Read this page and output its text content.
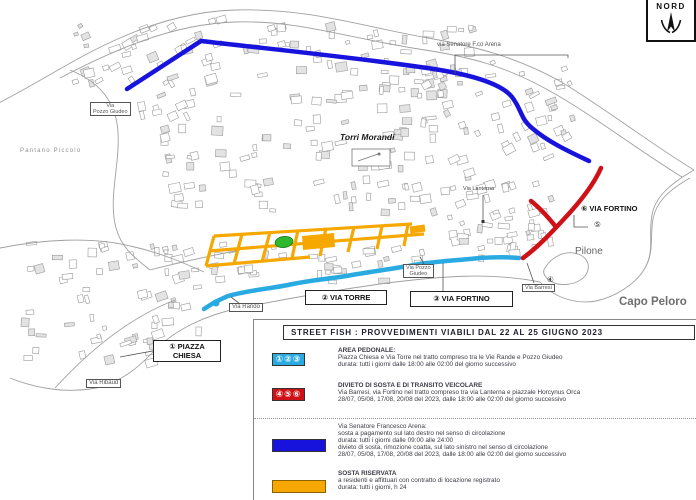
Pantano Piccolo
Via
Pozzo Giudeo
via Senatore F.co Arena
Torri Morandi
Via Lanterna
⑥ VIA FORTINO
⑤
Pilone
Capo Peloro
Via Pozzo
Giudeo
④
Via Barresi
② VIA TORRE	③ VIA FORTINO
① PIAZZA
CHIESA
Via Ribaud
Via Rando
NORD
STREET FISH : PROVVEDIMENTI VIABILI DAL 22 AL 25 GIUGNO 2023
①②③
AREA PEDONALE:
Piazza Chiesa e Via Torre nel tratto compreso tra le Vie Rande e Pozzo Giudeo
durata: tutti i giorni dalle 18:00 alle 02:00 del giorno successivo
④⑤⑥
DIVIETO DI SOSTA E DI TRANSITO VEICOLARE
Via Barresi, via Fortino nel tratto compreso tra via Lanterna e piazzale Horcynus Orca
28/07, 05/08, 17/08, 20/08 del 2023, dalle 18:00 alle 02:00 del giorno successivo
Via Senatore Francesco Arena:
sosta a pagamento sul lato destro nel senso di circolazione
durata: tutti i giorni dalle 09:00 alle 24:00
divieto di sosta, rimozione coatta, sul lato sinistro nel senso di circolazione
28/07, 05/08, 17/08, 20/08 del 2023, dalle 18:00 alle 02:00 del giorno successivo
SOSTA RISERVATA
a residenti e affittuari con contratto di locazione registrato
durata: tutti i giorni, h 24
